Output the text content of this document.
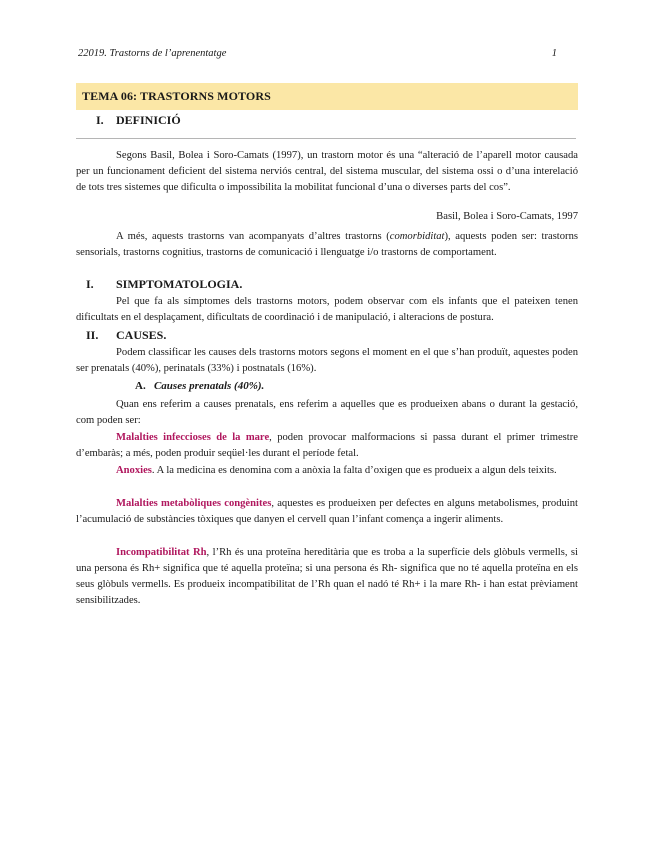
22019. Trastorns de l’aprenentatge	1
TEMA 06: TRASTORNS MOTORS
I. DEFINICIÓ
Segons Basil, Bolea i Soro-Camats (1997), un trastorn motor és una “alteració de l’aparell motor causada per un funcionament deficient del sistema nerviós central, del sistema muscular, del sistema ossi o d’una interelació de tots tres sistemes que dificulta o impossibilita la mobilitat funcional d’una o diverses parts del cos”.
Basil, Bolea i Soro-Camats, 1997
A més, aquests trastorns van acompanyats d’altres trastorns (comorbiditat), aquests poden ser: trastorns sensorials, trastorns cognitius, trastorns de comunicació i llenguatge i/o trastorns de comportament.
I. SIMPTOMATOLOGIA.
Pel que fa als símptomes dels trastorns motors, podem observar com els infants que el pateixen tenen dificultats en el desplaçament, dificultats de coordinació i de manipulació, i alteracions de postura.
II. CAUSES.
Podem classificar les causes dels trastorns motors segons el moment en el que s’han produït, aquestes poden ser prenatals (40%), perinatals (33%) i postnatals (16%).
A. Causes prenatals (40%).
Quan ens referim a causes prenatals, ens referim a aquelles que es produeixen abans o durant la gestació, com poden ser:
Malalties infeccioses de la mare, poden provocar malformacions si passa durant el primer trimestre d’embaràs; a més, poden produir seqüel·les durant el període fetal.
Anoxies. A la medicina es denomina com a anòxia la falta d’oxigen que es produeix a algun dels teixits.
Malalties metabòliques congènites, aquestes es produeixen per defectes en alguns metabolismes, produint l’acumulació de substàncies tòxiques que danyen el cervell quan l’infant comença a ingerir aliments.
Incompatibilitat Rh, l’Rh és una proteïna hereditària que es troba a la superfície dels glòbuls vermells, si una persona és Rh+ significa que té aquella proteïna; si una persona és Rh- significa que no té aquella proteïna en els seus glòbuls vermells. Es produeix incompatibilitat de l’Rh quan el nadó té Rh+ i la mare Rh- i han estat prèviament sensibilitzades.
